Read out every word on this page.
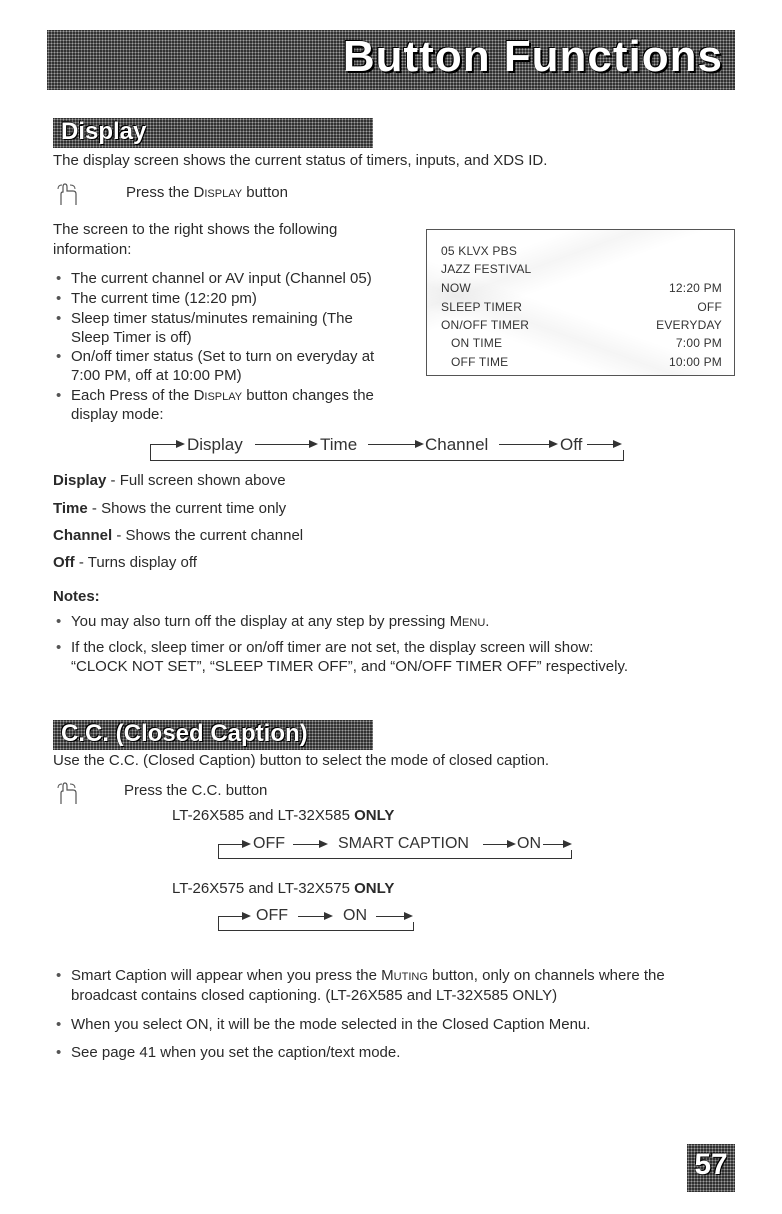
Button Functions
Display
The display screen shows the current status of timers, inputs, and XDS ID.
Press the Display button
The screen to the right shows the following
information:
• The current channel or AV input (Channel 05)
• The current time (12:20 pm)
• Sleep timer status/minutes remaining (The
Sleep Timer is off)
• On/off timer status (Set to turn on everyday at
7:00 PM, off at 10:00 PM)
• Each Press of the Display button changes the
display mode:
05 KLVX PBS
JAZZ FESTIVAL
NOW	12:20 PM
SLEEP TIMER	OFF
ON/OFF TIMER	EVERYDAY
ON TIME	7:00 PM
OFF TIME	10:00 PM
Display	Time	Channel	Off
Display - Full screen shown above
Time - Shows the current time only
Channel - Shows the current channel
Off - Turns display off
Notes:
• You may also turn off the display at any step by pressing Menu.
• If the clock, sleep timer or on/off timer are not set, the display screen will show:
“CLOCK NOT SET”, “SLEEP TIMER OFF”, and “ON/OFF TIMER OFF” respectively.
C.C. (Closed Caption)
Use the C.C. (Closed Caption) button to select the mode of closed caption.
Press the C.C. button
LT-26X585 and LT-32X585 ONLY
OFF	SMART CAPTION	ON
LT-26X575 and LT-32X575 ONLY
OFF	ON
• Smart Caption will appear when you press the Muting button, only on channels where the
broadcast contains closed captioning. (LT-26X585 and LT-32X585 ONLY)
• When you select ON, it will be the mode selected in the Closed Caption Menu.
• See page 41 when you set the caption/text mode.
57
